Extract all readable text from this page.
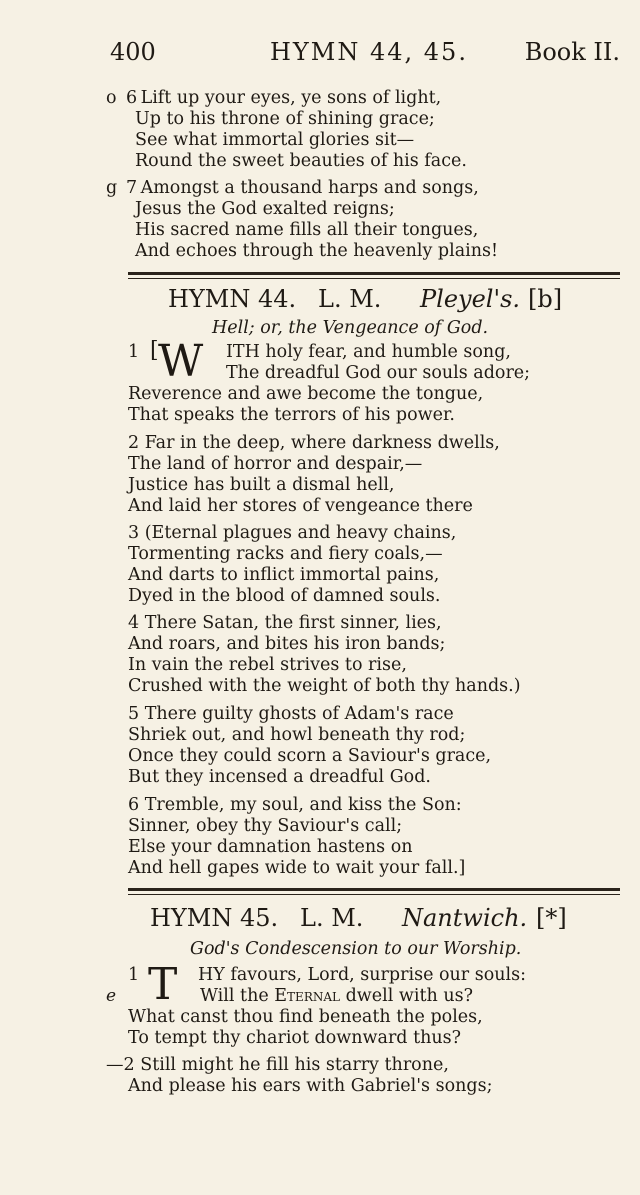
400	HYMN 44, 45. Book II.
o 6 Lift up your eyes, ye sons of light,
Up to his throne of shining grace;
See what immortal glories sit—
Round the sweet beauties of his face.
g 7 Amongst a thousand harps and songs,
Jesus the God exalted reigns;
His sacred name fills all their tongues,
And echoes through the heavenly plains!
HYMN 44. L. M. Pleyel's. [b]
Hell; or, the Vengeance of God.
1 [ W	ITH holy fear, and humble song,
The dreadful God our souls adore;
Reverence and awe become the tongue,
That speaks the terrors of his power.
2 Far in the deep, where darkness dwells,
The land of horror and despair,—
Justice has built a dismal hell,
And laid her stores of vengeance there
3 (Eternal plagues and heavy chains,
Tormenting racks and fiery coals,—
And darts to inflict immortal pains,
Dyed in the blood of damned souls.
4 There Satan, the first sinner, lies,
And roars, and bites his iron bands;
In vain the rebel strives to rise,
Crushed with the weight of both thy hands.)
5 There guilty ghosts of Adam's race
Shriek out, and howl beneath thy rod;
Once they could scorn a Saviour's grace,
But they incensed a dreadful God.
6 Tremble, my soul, and kiss the Son:
Sinner, obey thy Saviour's call;
Else your damnation hastens on
And hell gapes wide to wait your fall.]
HYMN 45. L. M. Nantwich. [*]
God's Condescension to our Worship.
e
1 T	HY favours, Lord, surprise our souls:
Will the Eternal dwell with us?
What canst thou find beneath the poles,
To tempt thy chariot downward thus?
—2 Still might he fill his starry throne,
And please his ears with Gabriel's songs;
